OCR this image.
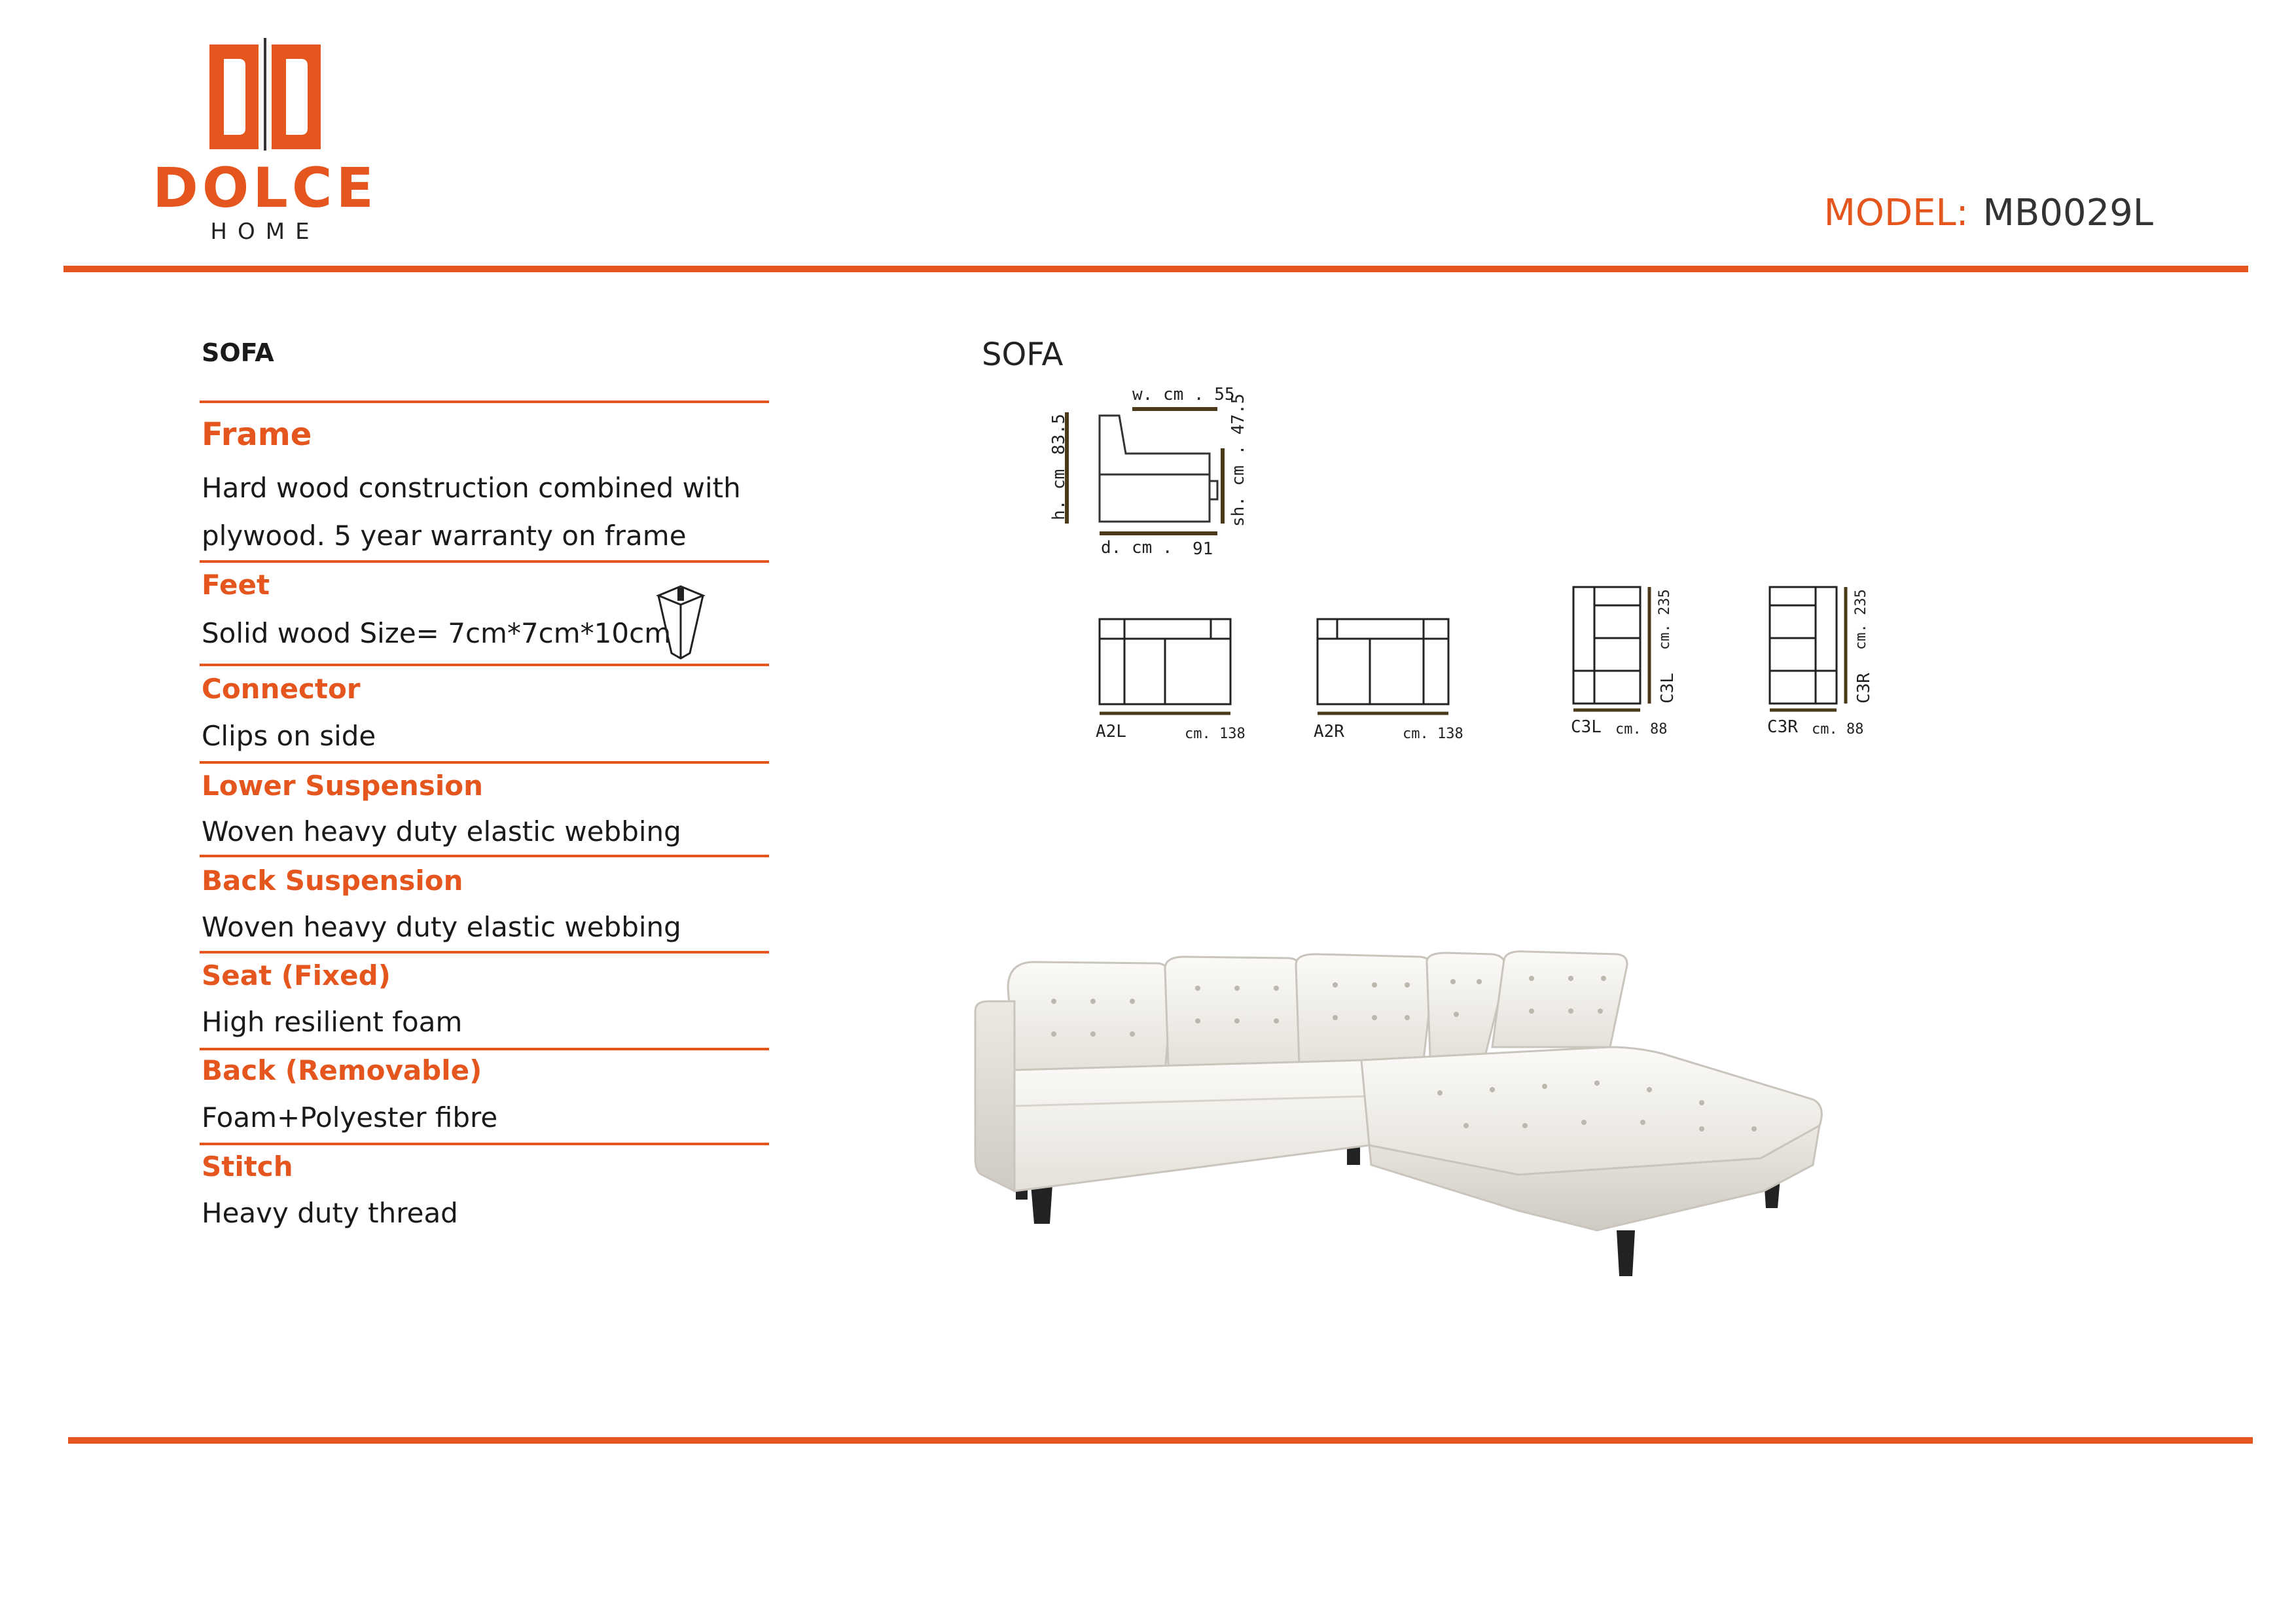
DOLCE
HOME	MODEL: MB0029L
SOFA
Frame
Hard wood construction combined with
plywood. 5 year warranty on frame
Feet
Solid wood Size= 7cm*7cm*10cm
Connector
Clips on side
Lower Suspension
Woven heavy duty elastic webbing
Back Suspension
Woven heavy duty elastic webbing
Seat (Fixed)
High resilient foam
Back (Removable)
Foam+Polyester fibre
Stitch
Heavy duty thread
SOFA
w. cm . 55
83.5
h. cm	sh. cm . 47.5
d. cm . 91
A2L	cm. 138	A2R	cm. 138
cm. 235
C3L
C3L cm. 88
cm. 235
C3R
C3R cm. 88
